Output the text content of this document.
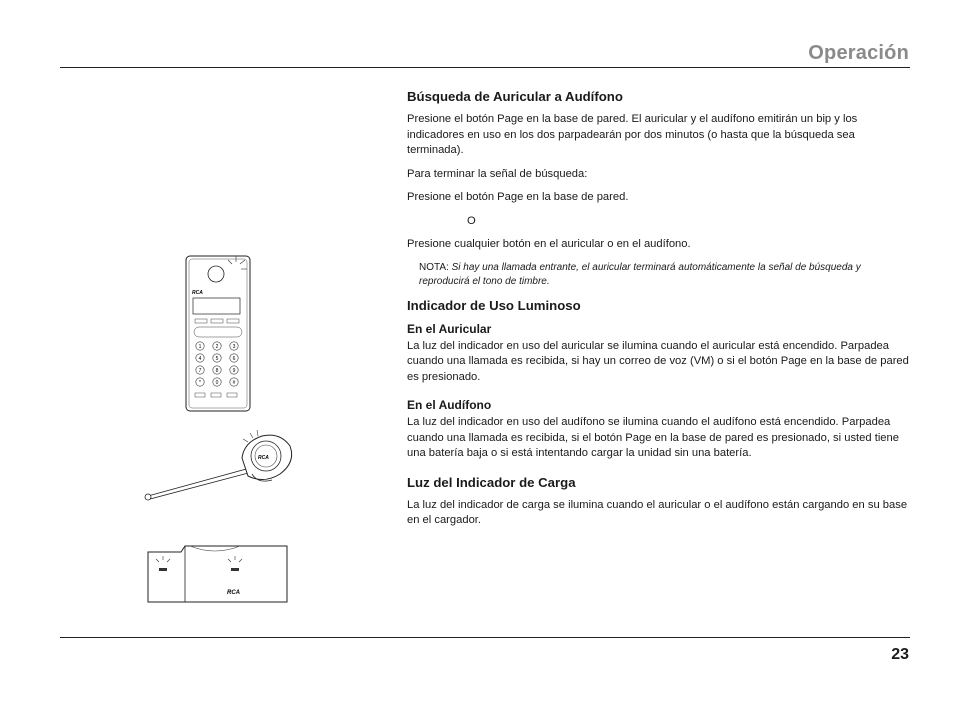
Operación
RCA
1	2	3
4	5	6
7	8	9
*	0	#
RCA
RCA
Búsqueda de Auricular a Audífono

Presione el botón Page en la base de pared. El auricular y el audífono emitirán un bip y los indicadores en uso en los dos parpadearán por dos minutos (o hasta que la búsqueda sea terminada).

Para terminar la señal de búsqueda:

Presione el botón Page en la base de pared.

O

Presione cualquier botón en el auricular o en el audífono.

NOTA: Si hay una llamada entrante, el auricular terminará automáticamente la señal de búsqueda y reproducirá el tono de timbre.

Indicador de Uso Luminoso
En el Auricular

La luz del indicador en uso del auricular se ilumina cuando el auricular está encendido. Parpadea cuando una llamada es recibida, si hay un correo de voz (VM) o si el botón Page en la base de pared es presionado.

En el Audífono

La luz del indicador en uso del audífono se ilumina cuando el audífono está encendido. Parpadea cuando una llamada es recibida, si el botón Page en la base de pared es presionado, si usted tiene una batería baja o si está intentando cargar la unidad sin una batería.

Luz del Indicador de Carga

La luz del indicador de carga se ilumina cuando el auricular o el audífono están cargando en su base en el cargador.

23
